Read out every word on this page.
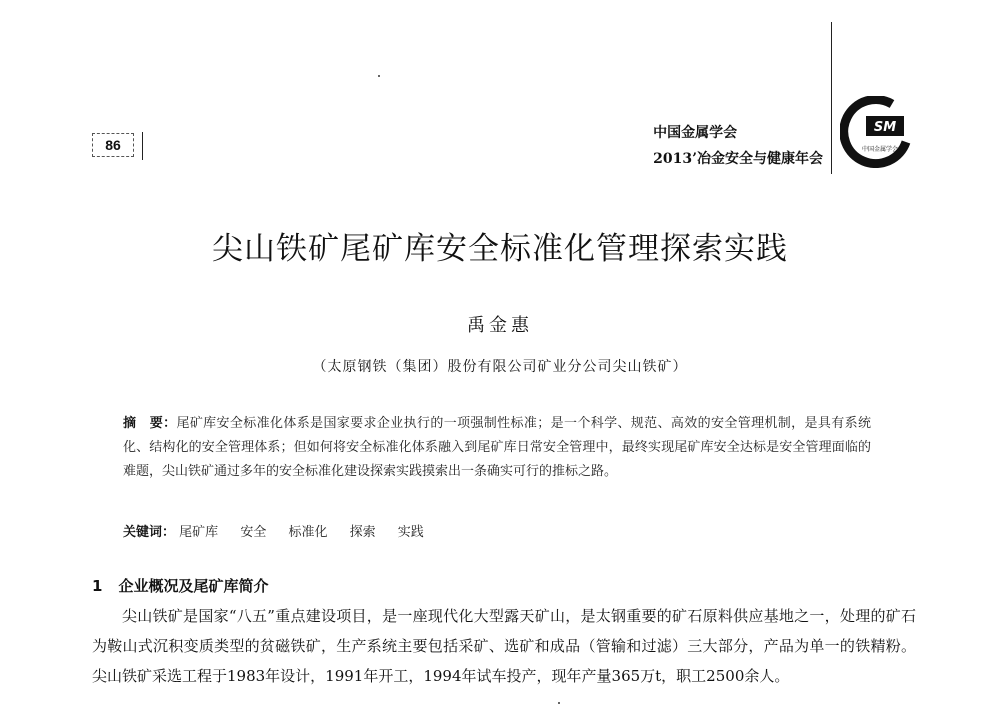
86
中国金属学会
2013’冶金安全与健康年会
SM
中国金属学会
尖山铁矿尾矿库安全标准化管理探索实践
禹金惠
（太原钢铁（集团）股份有限公司矿业分公司尖山铁矿）
摘　要：尾矿库安全标准化体系是国家要求企业执行的一项强制性标准；是一个科学、规范、高效的安全管理机制，是具有系统化、结构化的安全管理体系；但如何将安全标准化体系融入到尾矿库日常安全管理中，最终实现尾矿库安全达标是安全管理面临的难题，尖山铁矿通过多年的安全标准化建设探索实践摸索出一条确实可行的推标之路。
关键词： 尾矿库 安全 标准化 探索 实践
1 企业概况及尾矿库简介
尖山铁矿是国家“八五”重点建设项目，是一座现代化大型露天矿山，是太钢重要的矿石原料供应基地之一，处理的矿石为鞍山式沉积变质类型的贫磁铁矿，生产系统主要包括采矿、选矿和成品（管输和过滤）三大部分，产品为单一的铁精粉。尖山铁矿采选工程于1983年设计，1991年开工，1994年试车投产，现年产量365万t，职工2500余人。
